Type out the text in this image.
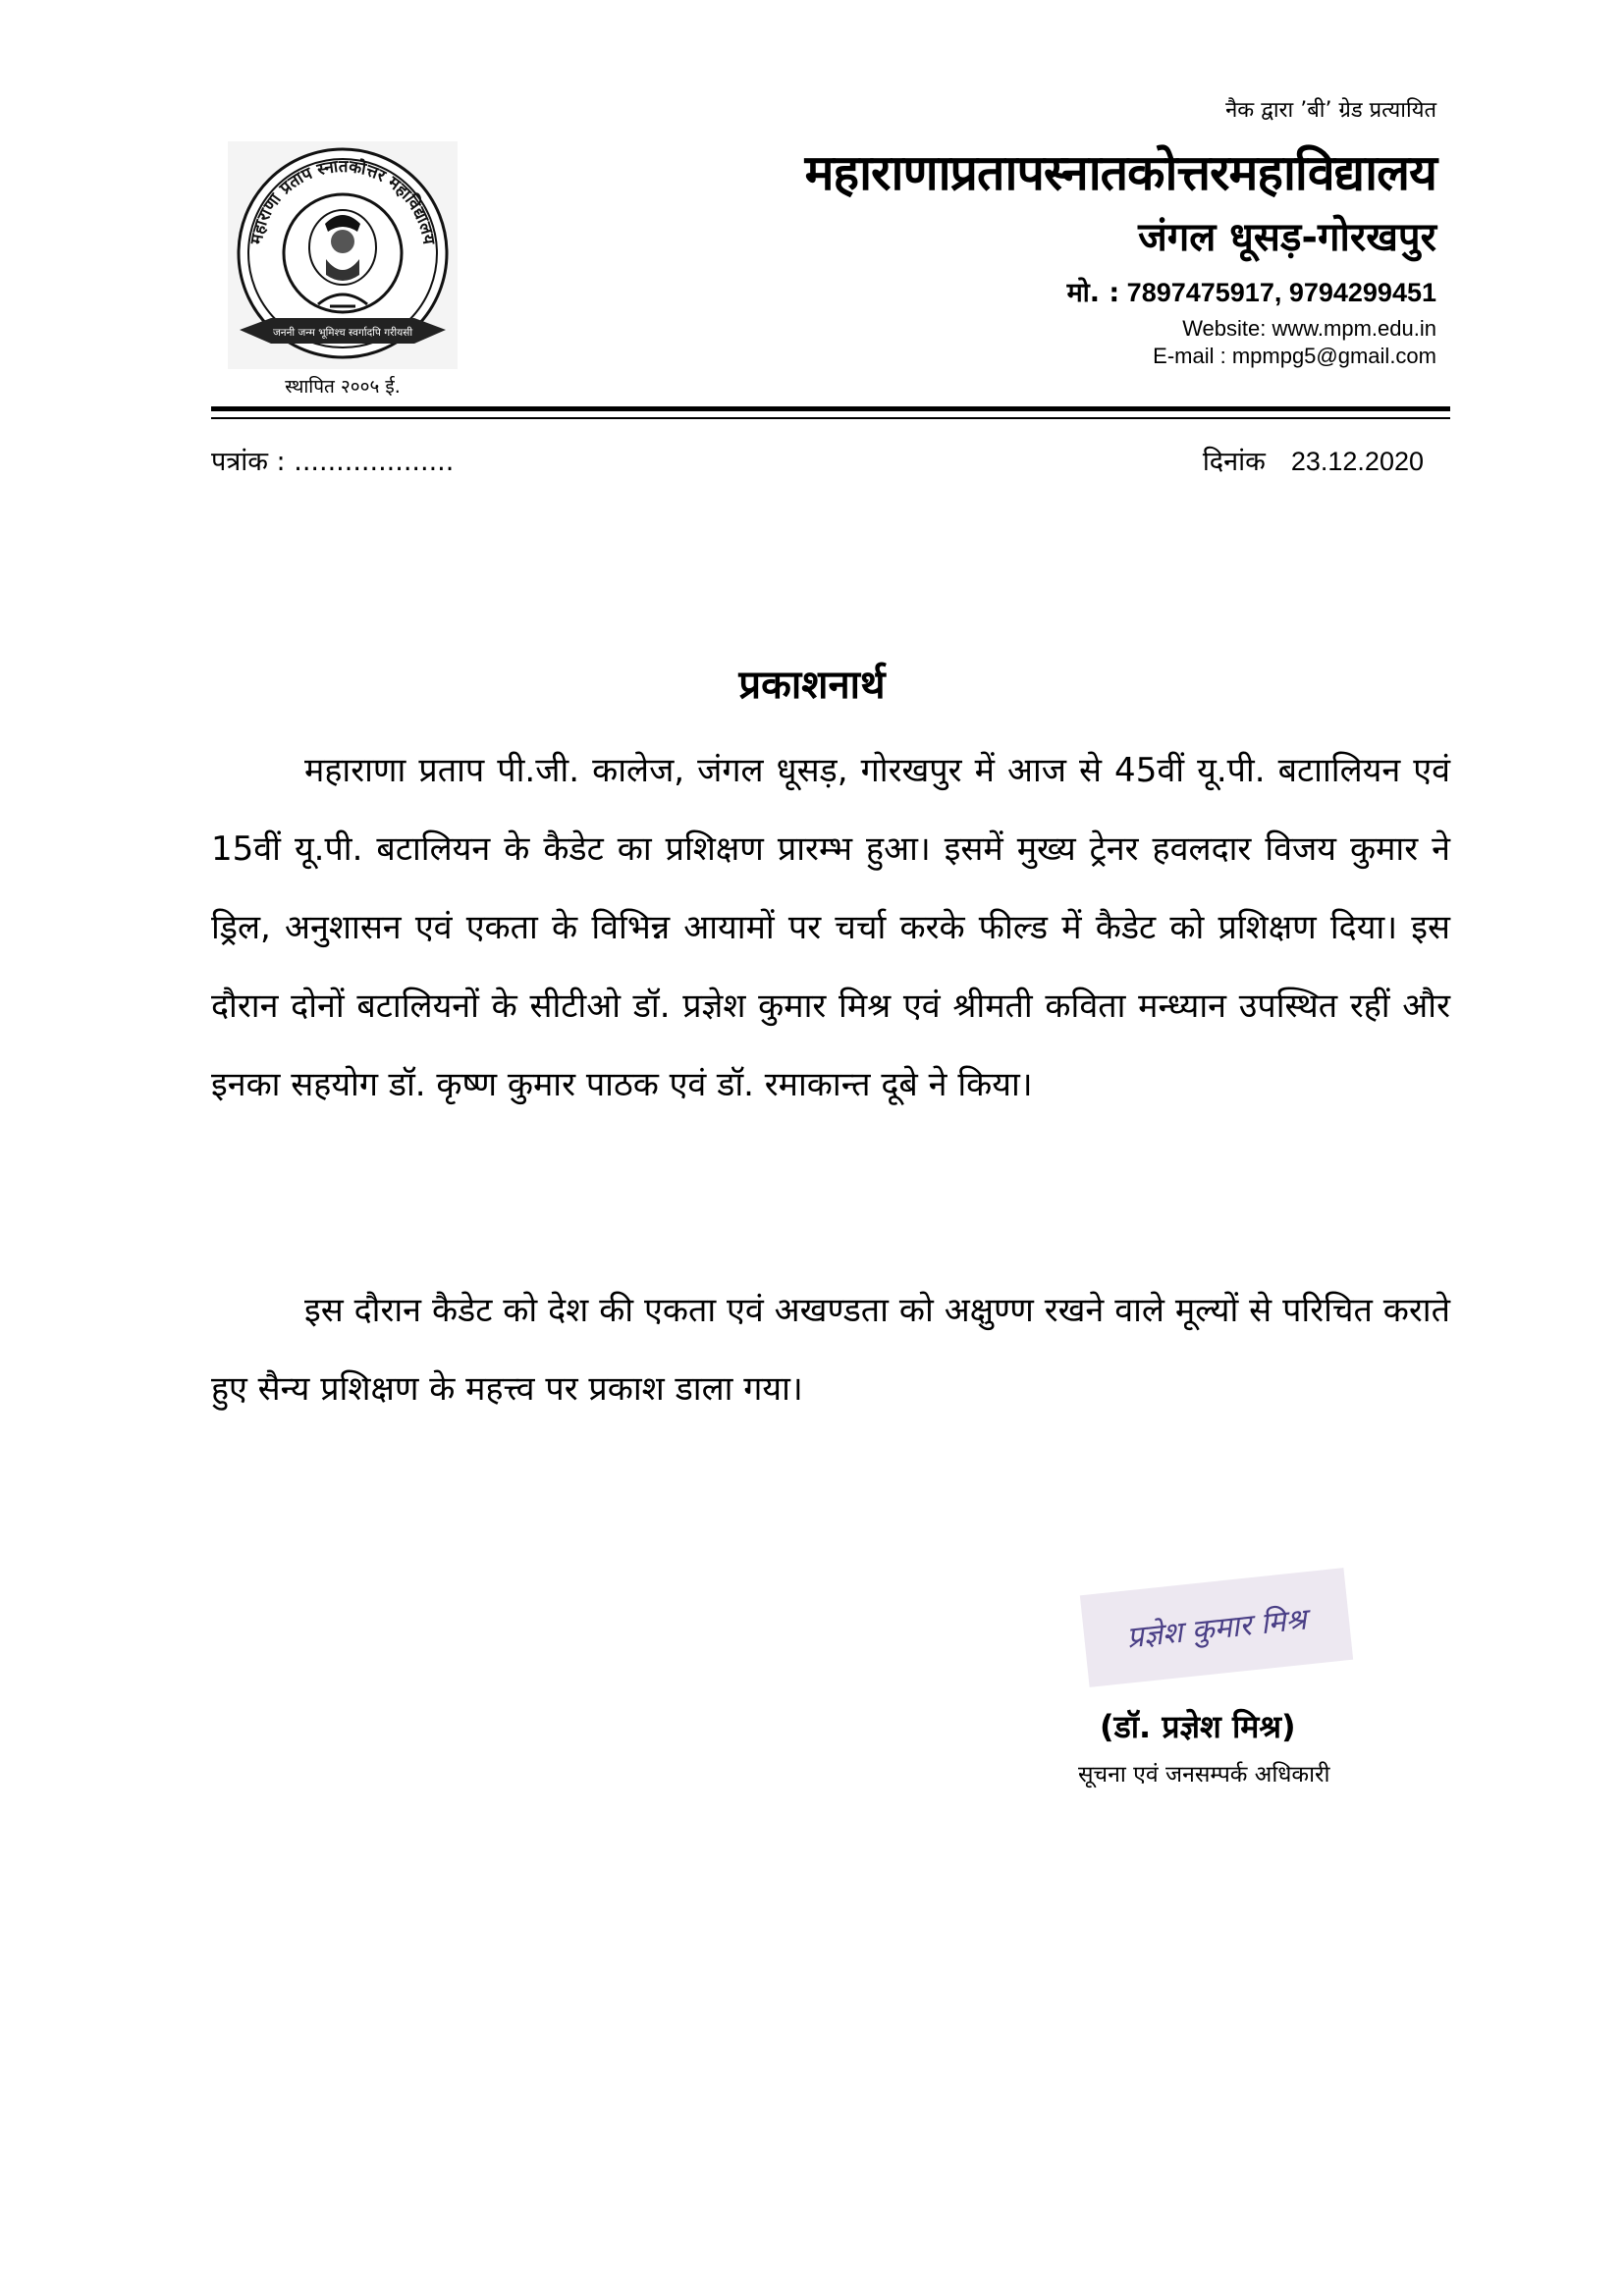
नैक द्वारा ’बी’ ग्रेड प्रत्यायित
महाराणाप्रतापस्नातकोत्तरमहाविद्यालय
जंगल धूसड़-गोरखपुर
मो. : 7897475917, 9794299451
Website: www.mpm.edu.in
E-mail : mpmpg5@gmail.com
महाराणा प्रताप स्नातकोत्तर महाविद्यालय
जननी जन्म भूमिश्च स्वर्गादपि गरीयसी
स्थापित २००५ ई.
पत्रांक : ...................	दिनांक 23.12.2020
प्रकाशनार्थ

महाराणा प्रताप पी.जी. कालेज, जंगल धूसड़, गोरखपुर में आज से 45वीं यू.पी. बटाालियन एवं 15वीं यू.पी. बटालियन के कैडेट का प्रशिक्षण प्रारम्भ हुआ। इसमें मुख्य ट्रेनर हवलदार विजय कुमार ने ड्रिल, अनुशासन एवं एकता के विभिन्न आयामों पर चर्चा करके फील्ड में कैडेट को प्रशिक्षण दिया। इस दौरान दोनों बटालियनों के सीटीओ डॉ. प्रज्ञेश कुमार मिश्र एवं श्रीमती कविता मन्ध्यान उपस्थित रहीं और इनका सहयोग डॉ. कृष्ण कुमार पाठक एवं डॉ. रमाकान्त दूबे ने किया।

इस दौरान कैडेट को देश की एकता एवं अखण्डता को अक्षुण्ण रखने वाले मूल्यों से परिचित कराते हुए सैन्य प्रशिक्षण के महत्त्व पर प्रकाश डाला गया।

प्रज्ञेश कुमार मिश्र
(डॉ. प्रज्ञेश मिश्र)
सूचना एवं जनसम्पर्क अधिकारी
